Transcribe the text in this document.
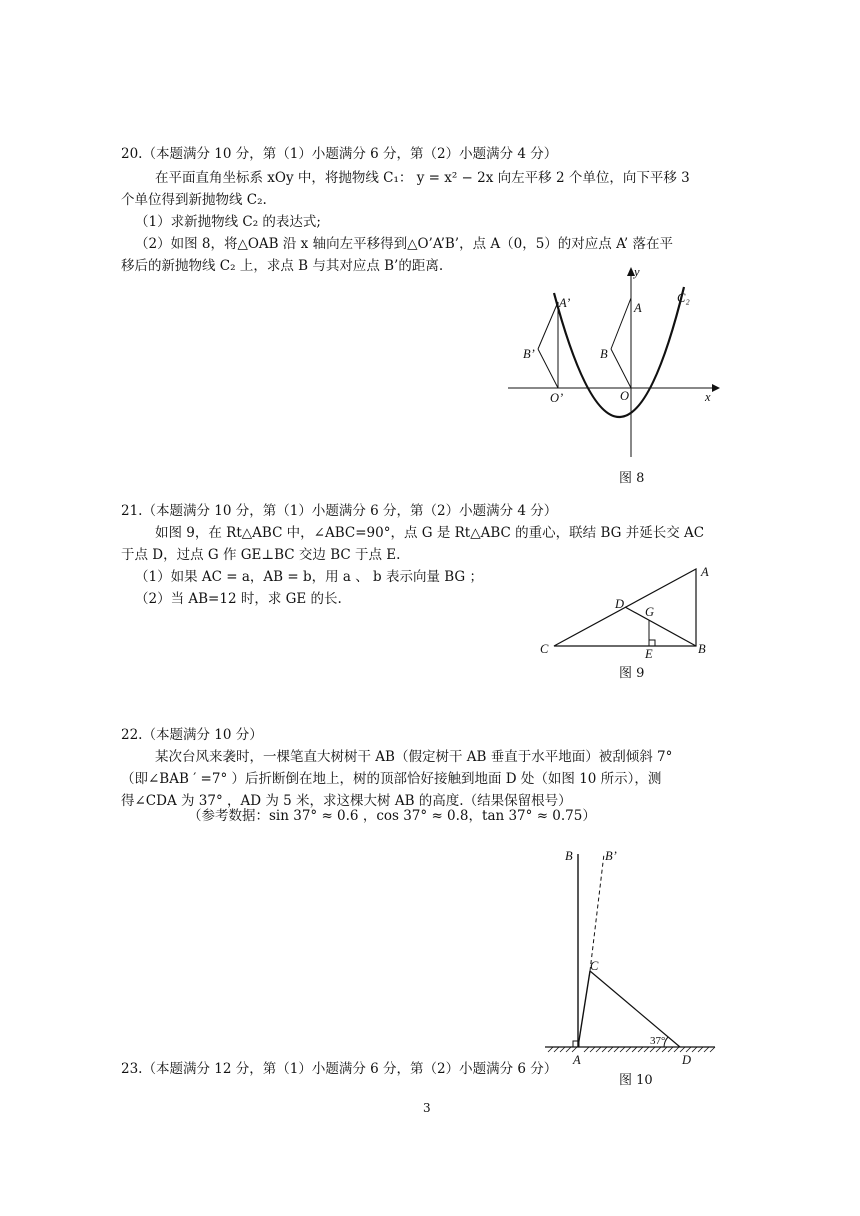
20.（本题满分 10 分，第（1）小题满分 6 分，第（2）小题满分 4 分）
在平面直角坐标系 xOy 中，将抛物线 C₁： y = x² − 2x 向左平移 2 个单位，向下平移 3
个单位得到新抛物线 C₂.
（1）求新抛物线 C₂ 的表达式;
（2）如图 8，将△OAB 沿 x 轴向左平移得到△O’A’B’，点 A（0，5）的对应点 A’ 落在平
移后的新抛物线 C₂ 上，求点 B 与其对应点 B’的距离.	y
x
C₂
A
B
O
A’
B’
O’
图 8
21.（本题满分 10 分，第（1）小题满分 6 分，第（2）小题满分 4 分）
如图 9，在 Rt△ABC 中，∠ABC=90°，点 G 是 Rt△ABC 的重心，联结 BG 并延长交 AC
于点 D，过点 G 作 GE⊥BC 交边 BC 于点 E.
（1）如果 AC = a，AB = b，用 a 、 b 表示向量 BG ；
（2）当 AB=12 时，求 GE 的长.
A
B
C
D
G
E
图 9
22.（本题满分 10 分）
某次台风来袭时，一棵笔直大树树干 AB（假定树干 AB 垂直于水平地面）被刮倾斜 7°
（即∠BAB ′ =7° ）后折断倒在地上，树的顶部恰好接触到地面 D 处（如图 10 所示），测
得∠CDA 为 37° ，AD 为 5 米，求这棵大树 AB 的高度.（结果保留根号）
（参考数据：sin 37° ≈ 0.6 ，cos 37° ≈ 0.8，tan 37° ≈ 0.75）
B	B’
C
A	D
37°
图 10
23.（本题满分 12 分，第（1）小题满分 6 分，第（2）小题满分 6 分）
3
